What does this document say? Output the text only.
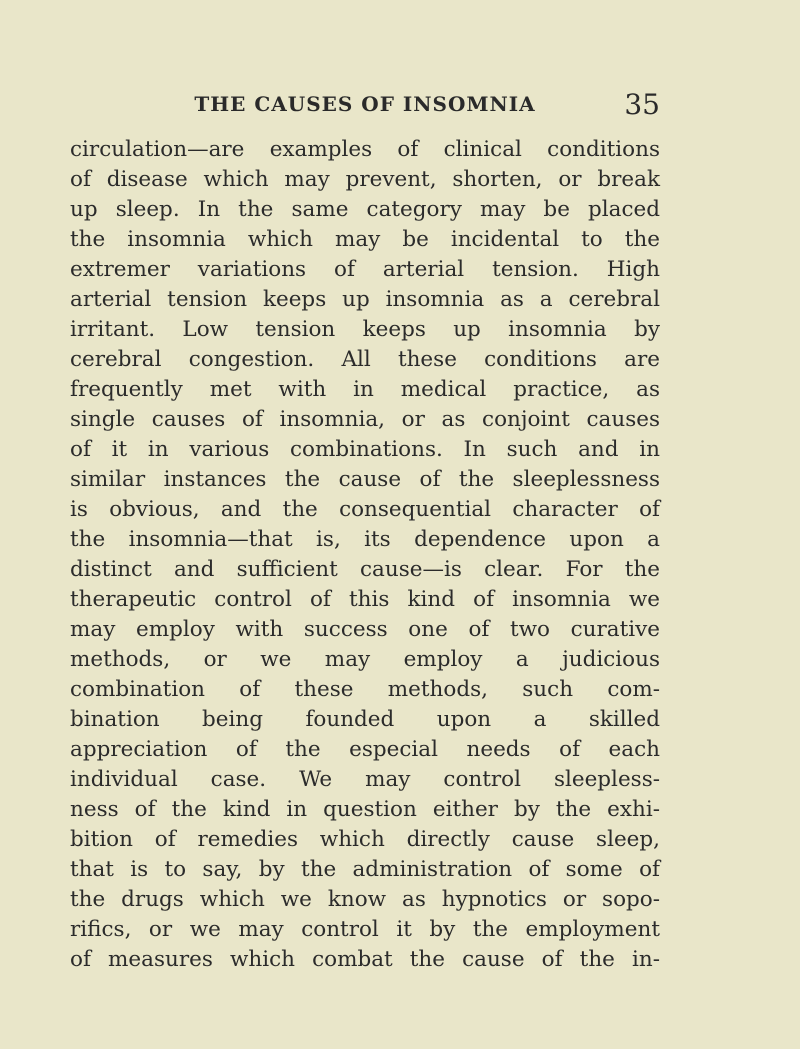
THE CAUSES OF INSOMNIA	35
circulation—are examples of clinical conditions
of disease which may prevent, shorten, or break
up sleep. In the same category may be placed
the insomnia which may be incidental to the
extremer variations of arterial tension. High
arterial tension keeps up insomnia as a cerebral
irritant. Low tension keeps up insomnia by
cerebral congestion. All these conditions are
frequently met with in medical practice, as
single causes of insomnia, or as conjoint causes
of it in various combinations. In such and in
similar instances the cause of the sleeplessness
is obvious, and the consequential character of
the insomnia—that is, its dependence upon a
distinct and sufficient cause—is clear. For the
therapeutic control of this kind of insomnia we
may employ with success one of two curative
methods, or we may employ a judicious
combination of these methods, such com-
bination being founded upon a skilled
appreciation of the especial needs of each
individual case. We may control sleepless-
ness of the kind in question either by the exhi-
bition of remedies which directly cause sleep,
that is to say, by the administration of some of
the drugs which we know as hypnotics or sopo-
rifics, or we may control it by the employment
of measures which combat the cause of the in-
